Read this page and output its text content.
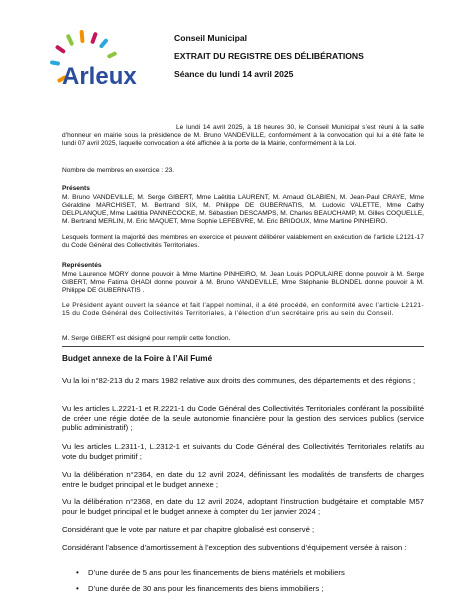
Arleux
Conseil Municipal
EXTRAIT DU REGISTRE DES DÉLIBÉRATIONS
Séance du lundi 14 avril 2025
Le lundi 14 avril 2025, à 18 heures 30, le Conseil Municipal s’est réuni à la salle d’honneur en mairie sous la présidence de M. Bruno VANDEVILLE, conformément à la convocation qui lui a été faite le lundi 07 avril 2025, laquelle convocation a été affichée à la porte de la Mairie, conformément à la Loi.
Nombre de membres en exercice : 23.
Présents
M. Bruno VANDEVILLE, M. Serge GIBERT, Mme Laëtitia LAURENT, M. Arnaud GLABIEN, M. Jean-Paul CRAYE, Mme Géraldine MARCHISET, M. Bertrand SIX, M. Philippe DE GUBERNATIS, M. Ludovic VALETTE, Mme Cathy DELPLANQUE, Mme Laëtitia PANNECOCKE, M. Sébastien DESCAMPS, M. Charles BEAUCHAMP, M. Gilles COQUELLE, M. Bertrand MERLIN, M. Eric MAQUET, Mme Sophie LEFEBVRE, M. Eric BRIDOUX, Mme Martine PINHEIRO.
Lesquels forment la majorité des membres en exercice et peuvent délibérer valablement en exécution de l’article L2121-17 du Code Général des Collectivités Territoriales.
Représentés
Mme Laurence MORY donne pouvoir à Mme Martine PINHEIRO, M. Jean Louis POPULAIRE donne pouvoir à M. Serge GIBERT, Mme Fatima GHADI donne pouvoir à M. Bruno VANDEVILLE, Mme Stéphanie BLONDEL donne pouvoir à M. Philippe DE GUBERNATIS .
Le Président ayant ouvert la séance et fait l’appel nominal, il a été procédé, en conformité avec l’article L2121-15 du Code Général des Collectivités Territoriales, à l’élection d’un secrétaire pris au sein du Conseil.
M. Serge GIBERT est désigné pour remplir cette fonction.
Budget annexe de la Foire à l’Ail Fumé
Vu la loi n°82-213 du 2 mars 1982 relative aux droits des communes, des départements et des régions ;
Vu les articles L.2221-1 et R.2221-1 du Code Général des Collectivités Territoriales conférant la possibilité de créer une régie dotée de la seule autonomie financière pour la gestion des services publics (service public administratif) ;
Vu les articles L.2311-1, L.2312-1 et suivants du Code Général des Collectivités Territoriales relatifs au vote du budget primitif ;
Vu la délibération n°2364, en date du 12 avril 2024, définissant les modalités de transferts de charges entre le budget principal et le budget annexe ;
Vu la délibération n°2368, en date du 12 avril 2024, adoptant l’instruction budgétaire et comptable M57 pour le budget principal et le budget annexe à compter du 1er janvier 2024 ;
Considérant que le vote par nature et par chapitre globalisé est conservé ;
Considérant l’absence d’amortissement à l’exception des subventions d’équipement versée à raison :
• D’une durée de 5 ans pour les financements de biens matériels et mobiliers
• D’une durée de 30 ans pour les financements des biens immobiliers ;
